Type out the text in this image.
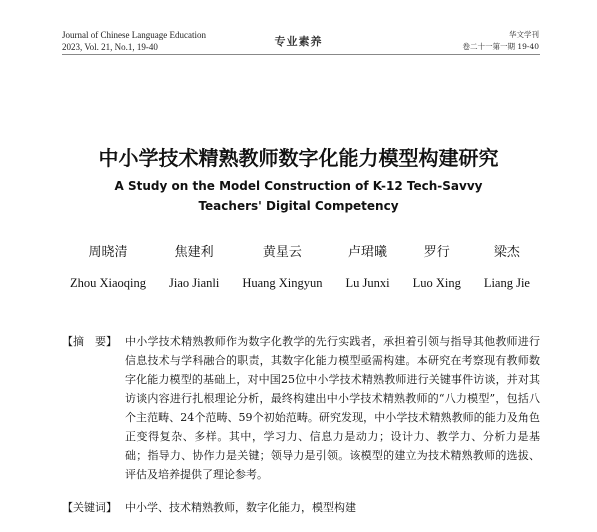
Journal of Chinese Language Education
2023, Vol. 21, No.1, 19-40	专业素养
华文学刊
卷二十一第一期 19-40
中小学技术精熟教师数字化能力模型构建研究
A Study on the Model Construction of K-12 Tech-Savvy
Teachers' Digital Competency
周晓清
Zhou Xiaoqing
焦建利
Jiao Jianli
黄星云
Huang Xingyun
卢珺曦
Lu Junxi
罗行
Luo Xing
梁杰
Liang Jie
【摘　要】 中小学技术精熟教师作为数字化教学的先行实践者，承担着引领与指导其他教师进行信息技术与学科融合的职责，其数字化能力模型亟需构建。本研究在考察现有教师数字化能力模型的基础上，对中国25位中小学技术精熟教师进行关键事件访谈，并对其访谈内容进行扎根理论分析，最终构建出中小学技术精熟教师的“八力模型”，包括八个主范畴、24个范畴、59个初始范畴。研究发现，中小学技术精熟教师的能力及角色正变得复杂、多样。其中，学习力、信息力是动力；设计力、教学力、分析力是基础；指导力、协作力是关键；领导力是引领。该模型的建立为技术精熟教师的选拔、评估及培养提供了理论参考。
【关键词】 中小学、技术精熟教师，数字化能力，模型构建
